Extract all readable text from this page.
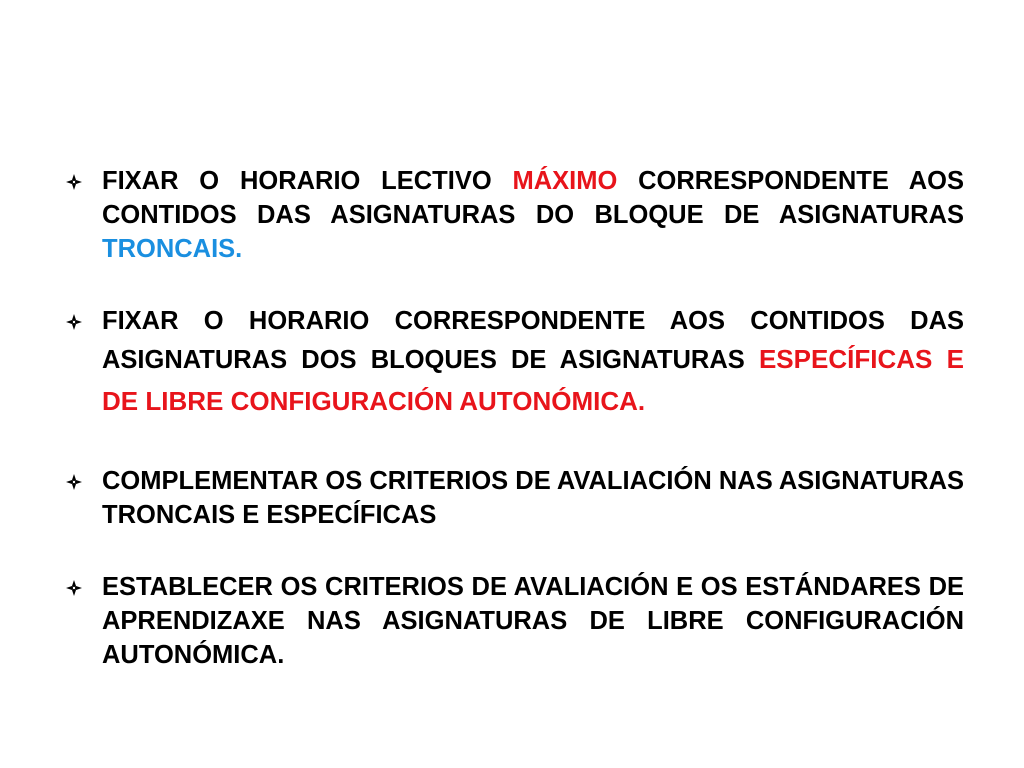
FIXAR O HORARIO LECTIVO MÁXIMO CORRESPONDENTE AOS CONTIDOS DAS ASIGNATURAS DO BLOQUE DE ASIGNATURAS TRONCAIS.
FIXAR O HORARIO CORRESPONDENTE AOS CONTIDOS DAS ASIGNATURAS DOS BLOQUES DE ASIGNATURAS ESPECÍFICAS E DE LIBRE CONFIGURACIÓN AUTONÓMICA.
COMPLEMENTAR OS CRITERIOS DE AVALIACIÓN NAS ASIGNATURAS TRONCAIS E ESPECÍFICAS
ESTABLECER OS CRITERIOS DE AVALIACIÓN E OS ESTÁNDARES DE APRENDIZAXE NAS ASIGNATURAS DE LIBRE CONFIGURACIÓN AUTONÓMICA.
